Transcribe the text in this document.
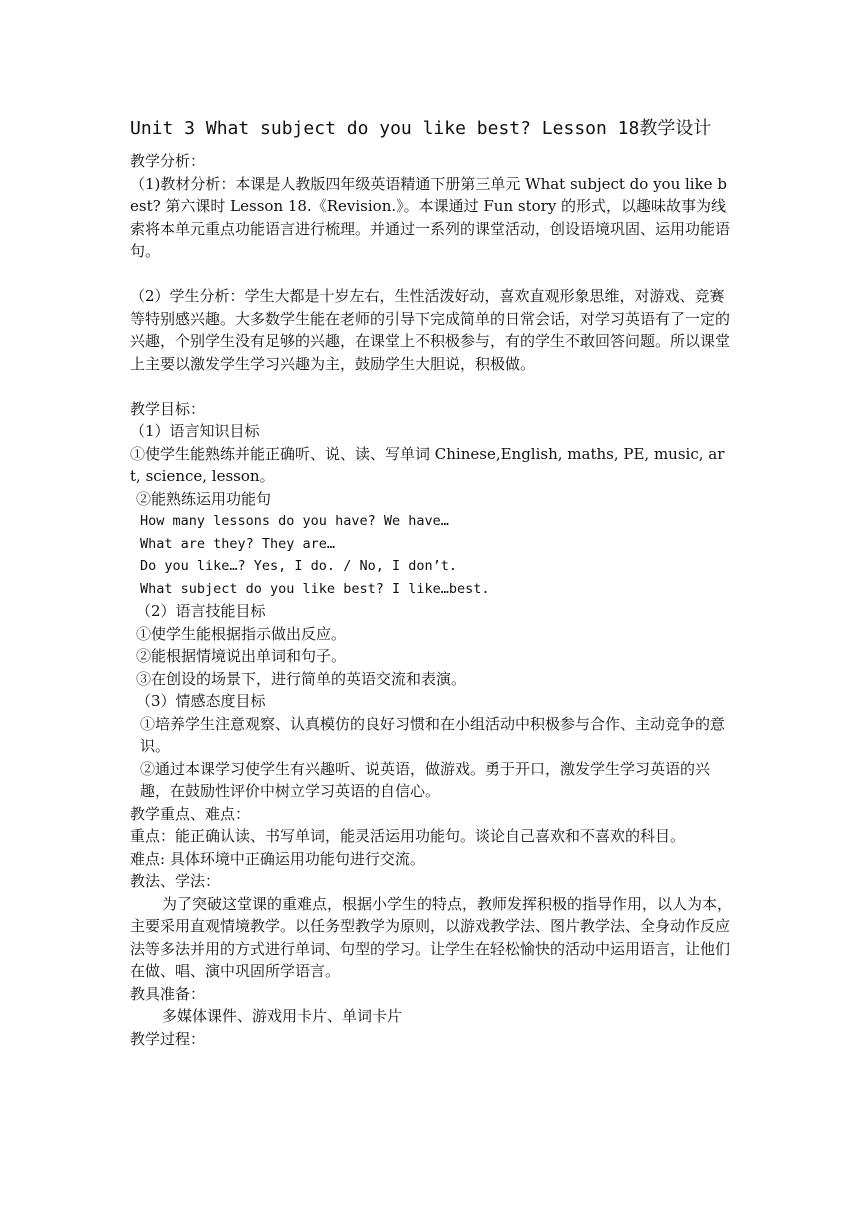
Unit 3 What subject do you like best? Lesson 18教学设计

教学分析：

（1)教材分析：本课是人教版四年级英语精通下册第三单元 What subject do you like best? 第六课时 Lesson 18.《Revision.》。本课通过 Fun story 的形式，以趣味故事为线索将本单元重点功能语言进行梳理。并通过一系列的课堂活动，创设语境巩固、运用功能语句。

（2）学生分析：学生大都是十岁左右，生性活泼好动，喜欢直观形象思维，对游戏、竞赛等特别感兴趣。大多数学生能在老师的引导下完成简单的日常会话，对学习英语有了一定的兴趣，个别学生没有足够的兴趣，在课堂上不积极参与，有的学生不敢回答问题。所以课堂上主要以激发学生学习兴趣为主，鼓励学生大胆说，积极做。

教学目标：

（1）语言知识目标

①使学生能熟练并能正确听、说、读、写单词 Chinese,English, maths, PE, music, art, science, lesson。

②能熟练运用功能句

How many lessons do you have? We have…

What are they? They are…

Do you like…? Yes, I do. / No, I don’t.

What subject do you like best? I like…best.

（2）语言技能目标

①使学生能根据指示做出反应。

②能根据情境说出单词和句子。

③在创设的场景下，进行简单的英语交流和表演。

（3）情感态度目标

①培养学生注意观察、认真模仿的良好习惯和在小组活动中积极参与合作、主动竞争的意识。

②通过本课学习使学生有兴趣听、说英语，做游戏。勇于开口，激发学生学习英语的兴趣，在鼓励性评价中树立学习英语的自信心。

教学重点、难点：

重点：能正确认读、书写单词，能灵活运用功能句。谈论自己喜欢和不喜欢的科目。

难点: 具体环境中正确运用功能句进行交流。

教法、学法：

为了突破这堂课的重难点，根据小学生的特点，教师发挥积极的指导作用，以人为本，主要采用直观情境教学。以任务型教学为原则，以游戏教学法、图片教学法、全身动作反应法等多法并用的方式进行单词、句型的学习。让学生在轻松愉快的活动中运用语言，让他们在做、唱、演中巩固所学语言。

教具准备：

多媒体课件、游戏用卡片、单词卡片

教学过程：
